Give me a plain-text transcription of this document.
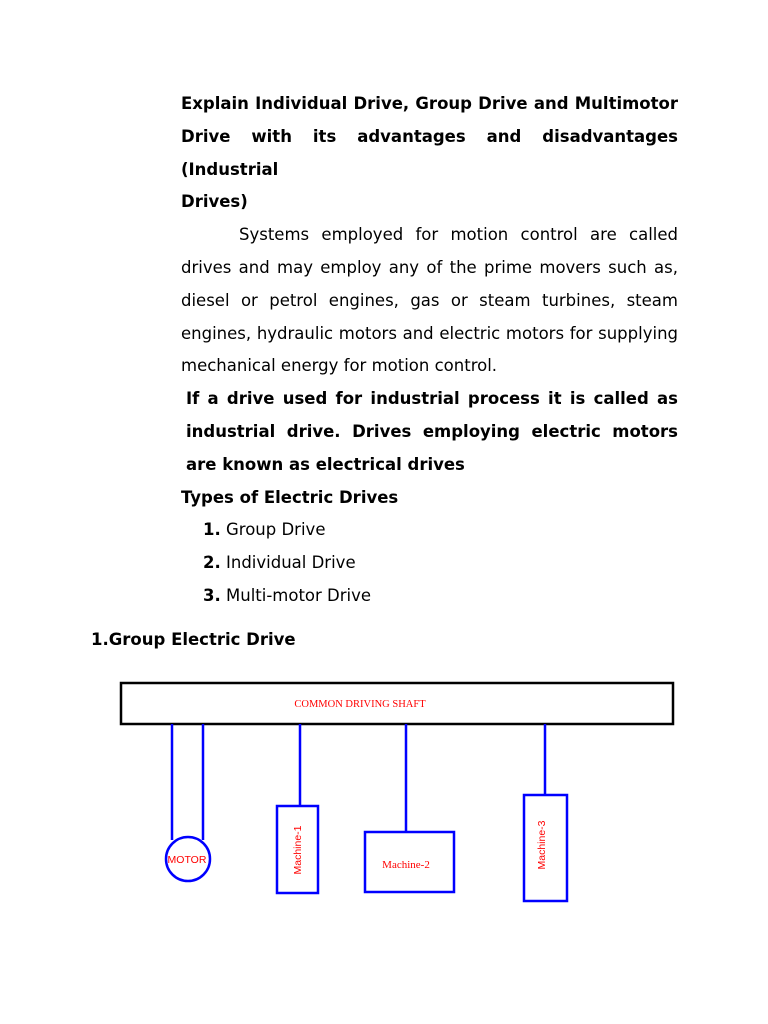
Explain Individual Drive, Group Drive and Multimotor Drive with its advantages and disadvantages (Industrial
Drives)

Systems employed for motion control are called drives and may employ any of the prime movers such as, diesel or petrol engines, gas or steam turbines, steam engines, hydraulic motors and electric motors for supplying mechanical energy for motion control.

If a drive used for industrial process it is called as industrial drive. Drives employing electric motors are known as electrical drives

Types of Electric Drives

1. Group Drive
2. Individual Drive
3. Multi-motor Drive
1.Group Electric Drive
COMMON DRIVING SHAFT
MOTOR	Machine-1	Machine-2	Machine-3
